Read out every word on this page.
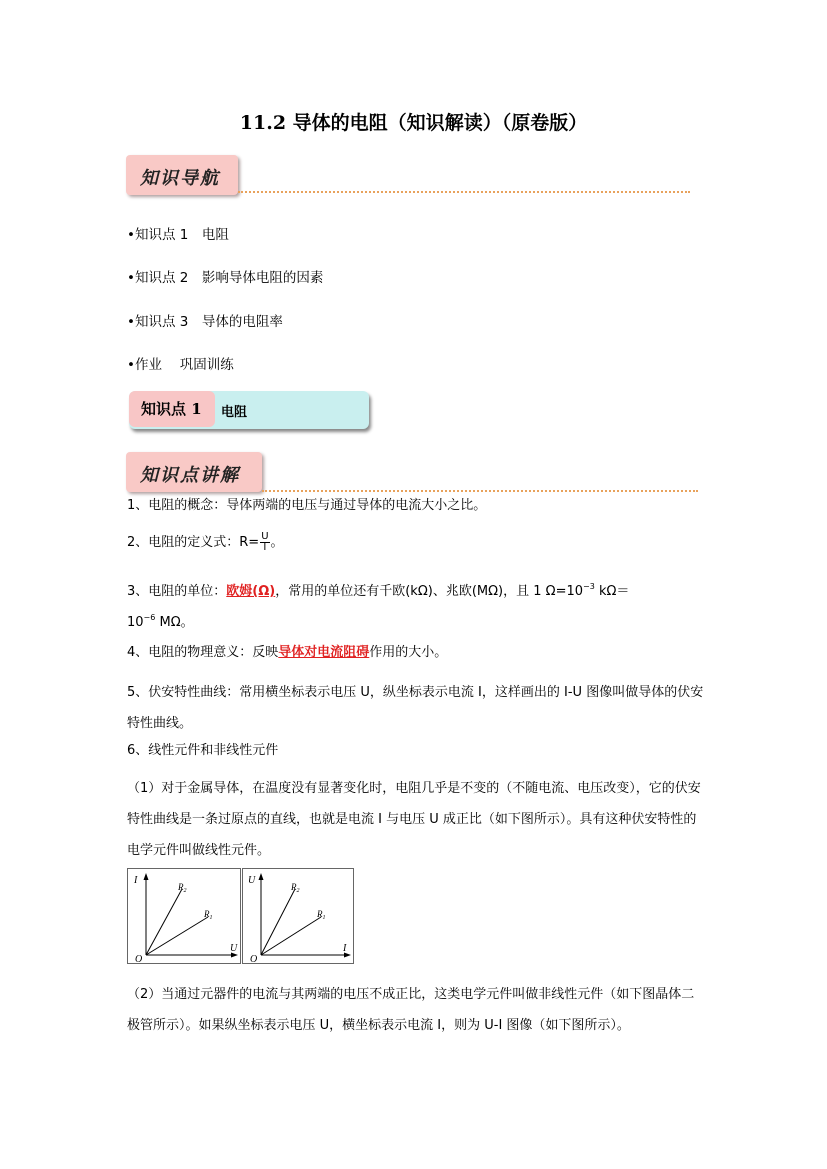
11.2 导体的电阻（知识解读）（原卷版）
知识导航
•知识点 1　电阻
•知识点 2　影响导体电阻的因素
•知识点 3　导体的电阻率
•作业　 巩固训练
知识点 1	电阻
知识点讲解
1、电阻的概念：导体两端的电压与通过导体的电流大小之比。
2、电阻的定义式：$R= \frac{U}{I}$ 。
3、电阻的单位：欧姆(Ω)，常用的单位还有千欧(kΩ)、兆欧(MΩ)，且 1 $\Omega=10^{-3}$ kΩ＝
$10^{-6}$ MΩ。
4、电阻的物理意义：反映导体对电流阻碍作用的大小。
5、伏安特性曲线：常用横坐标表示电压 U，纵坐标表示电流 I，这样画出的 I-U 图像叫做导体的伏安特性曲线。
6、线性元件和非线性元件
（1）对于金属导体，在温度没有显著变化时，电阻几乎是不变的（不随电流、电压改变），它的伏安特性曲线是一条过原点的直线，也就是电流 I 与电压 U 成正比（如下图所示）。具有这种伏安特性的电学元件叫做线性元件。
I
U
O
$R_2$
$R_1$
U
I
O
$R_2$
$R_1$
（2）当通过元器件的电流与其两端的电压不成正比，这类电学元件叫做非线性元件（如下图晶体二极管所示）。如果纵坐标表示电压 U，横坐标表示电流 I，则为 U-I 图像（如下图所示）。
